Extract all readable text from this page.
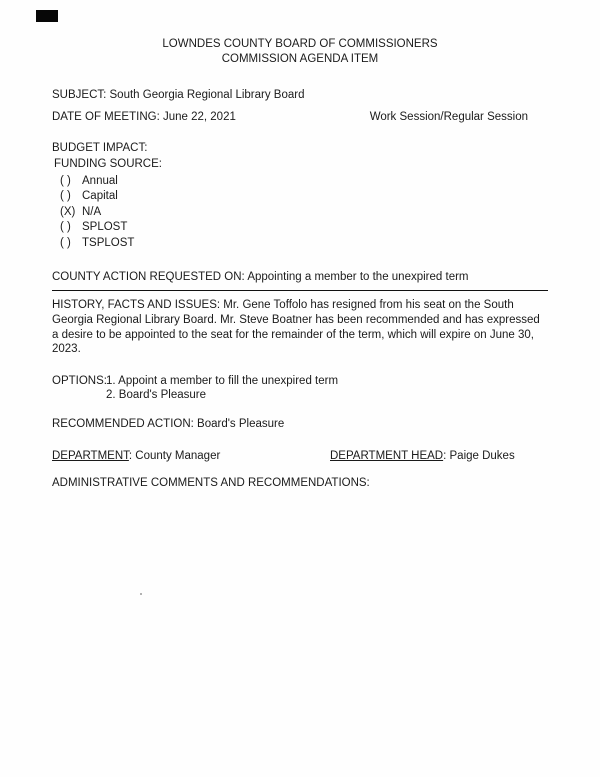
LOWNDES COUNTY BOARD OF COMMISSIONERS
COMMISSION AGENDA ITEM
SUBJECT: South Georgia Regional Library Board
DATE OF MEETING: June 22, 2021	Work Session/Regular Session
BUDGET IMPACT:
FUNDING SOURCE:
( ) Annual
( ) Capital
(X) N/A
( ) SPLOST
( ) TSPLOST
COUNTY ACTION REQUESTED ON: Appointing a member to the unexpired term
HISTORY, FACTS AND ISSUES: Mr. Gene Toffolo has resigned from his seat on the South Georgia Regional Library Board. Mr. Steve Boatner has been recommended and has expressed a desire to be appointed to the seat for the remainder of the term, which will expire on June 30, 2023.
OPTIONS: 1. Appoint a member to fill the unexpired term
2. Board's Pleasure
RECOMMENDED ACTION: Board's Pleasure
DEPARTMENT: County Manager	DEPARTMENT HEAD: Paige Dukes
ADMINISTRATIVE COMMENTS AND RECOMMENDATIONS:
